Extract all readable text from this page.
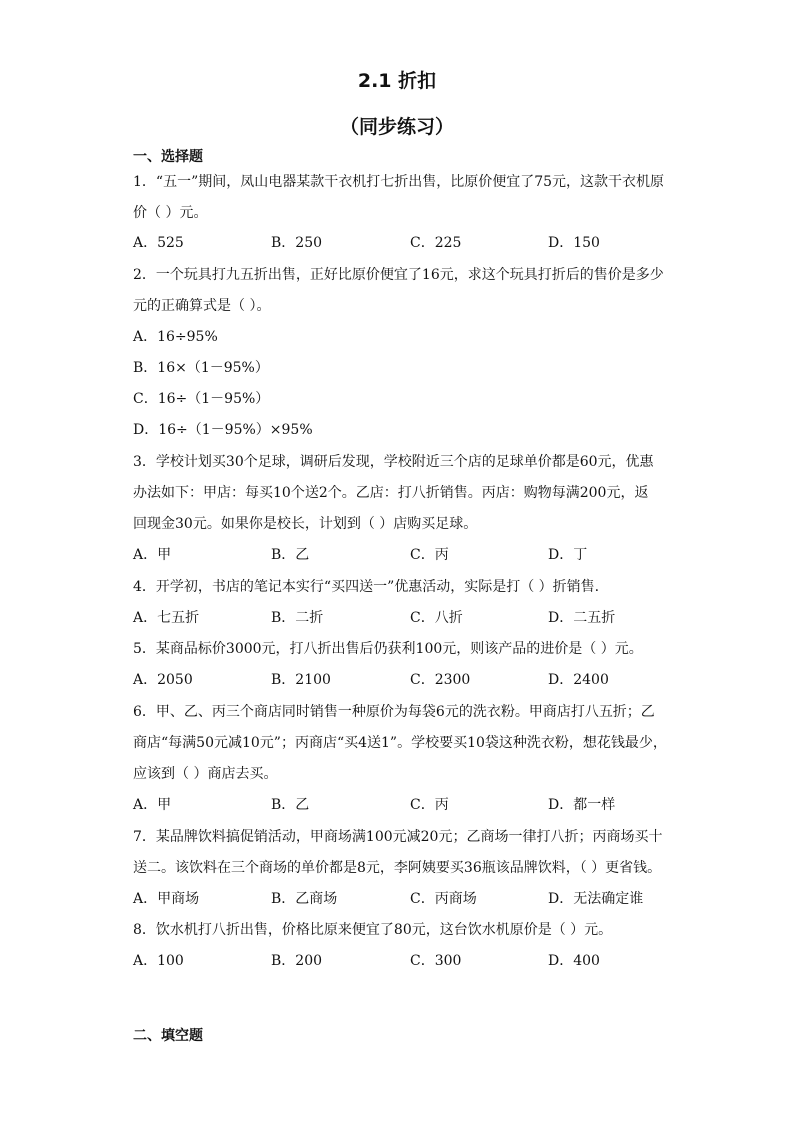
2.1 折扣
（同步练习）
一、选择题
1．“五一”期间，凤山电器某款干衣机打七折出售，比原价便宜了75元，这款干衣机原
价（ ）元。
A．525	B．250	C．225	D．150
2．一个玩具打九五折出售，正好比原价便宜了16元，求这个玩具打折后的售价是多少
元的正确算式是（ ）。
A．16÷95%
B．16×（1－95%）
C．16÷（1－95%）
D．16÷（1－95%）×95%
3．学校计划买30个足球，调研后发现，学校附近三个店的足球单价都是60元，优惠
办法如下：甲店：每买10个送2个。乙店：打八折销售。丙店：购物每满200元，返
回现金30元。如果你是校长，计划到（ ）店购买足球。
A．甲	B．乙	C．丙	D．丁
4．开学初，书店的笔记本实行“买四送一”优惠活动，实际是打（ ）折销售.
A．七五折	B．二折	C．八折	D．二五折
5．某商品标价3000元，打八折出售后仍获利100元，则该产品的进价是（ ）元。
A．2050	B．2100	C．2300	D．2400
6．甲、乙、丙三个商店同时销售一种原价为每袋6元的洗衣粉。甲商店打八五折；乙
商店“每满50元减10元”；丙商店“买4送1”。学校要买10袋这种洗衣粉，想花钱最少，
应该到（ ）商店去买。
A．甲	B．乙	C．丙	D．都一样
7．某品牌饮料搞促销活动，甲商场满100元减20元；乙商场一律打八折；丙商场买十
送二。该饮料在三个商场的单价都是8元，李阿姨要买36瓶该品牌饮料，（ ）更省钱。
A．甲商场	B．乙商场	C．丙商场	D．无法确定谁
8．饮水机打八折出售，价格比原来便宜了80元，这台饮水机原价是（ ）元。
A．100	B．200	C．300	D．400
二、填空题
